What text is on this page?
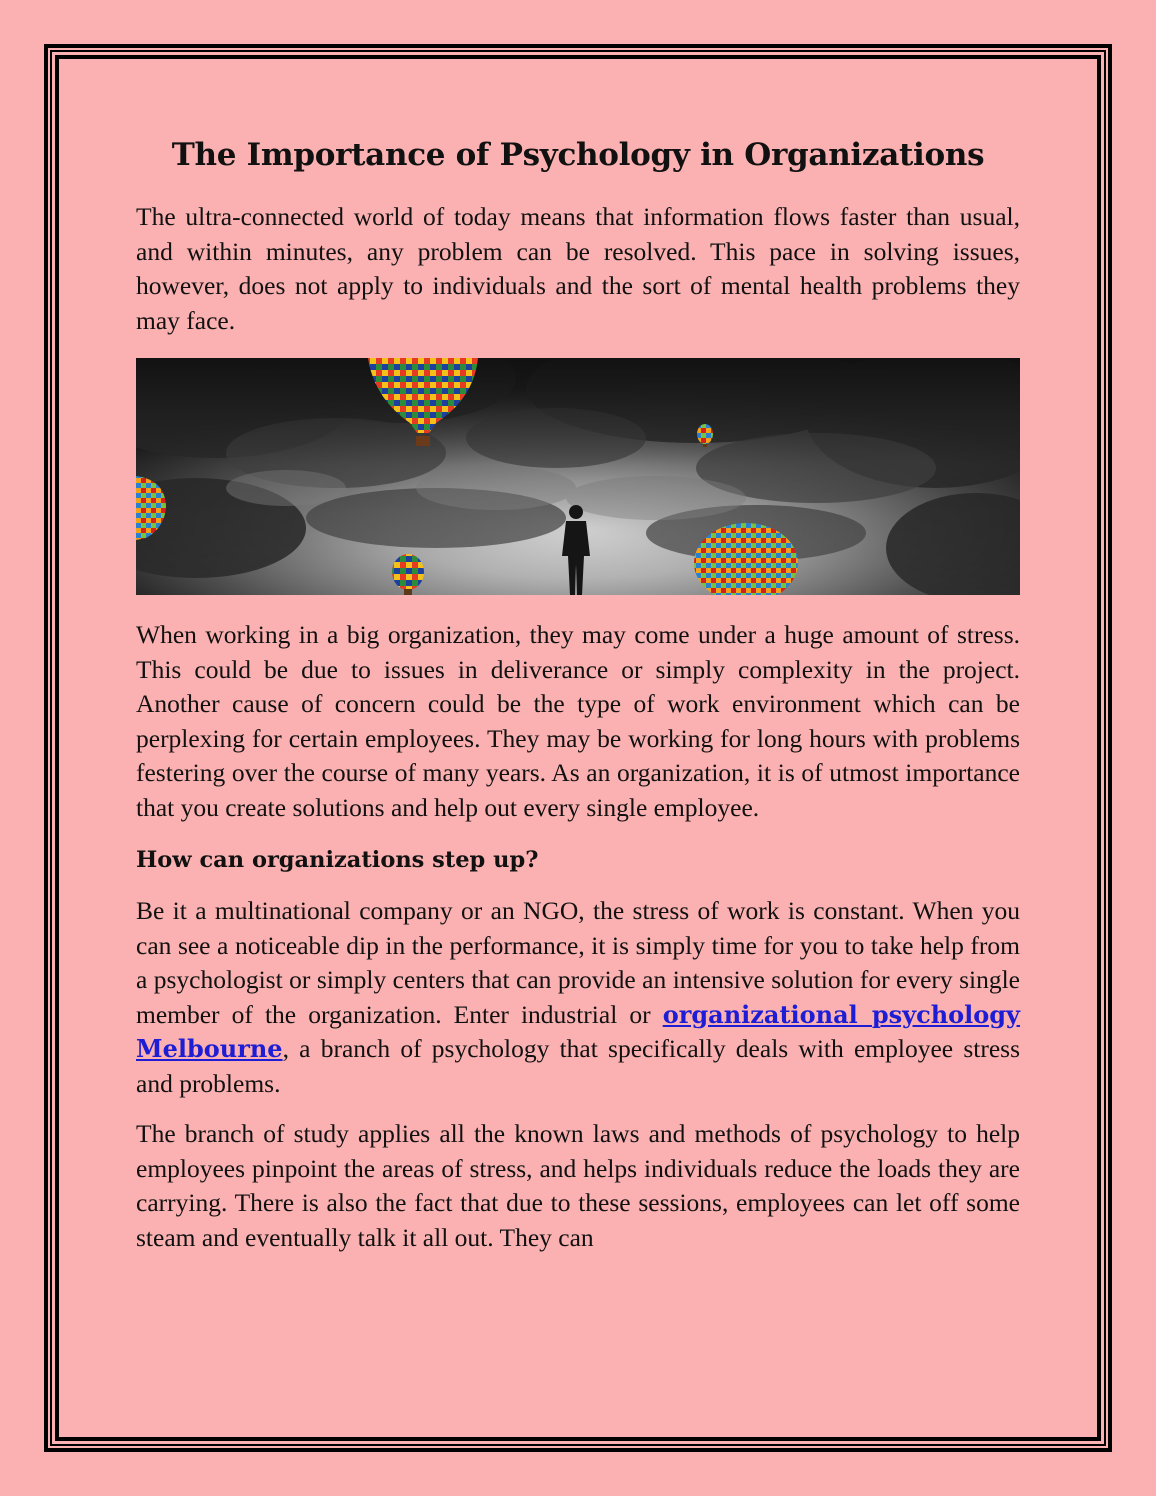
The Importance of Psychology in Organizations

The ultra-connected world of today means that information flows faster than usual, and within minutes, any problem can be resolved. This pace in solving issues, however, does not apply to individuals and the sort of mental health problems they may face.

When working in a big organization, they may come under a huge amount of stress. This could be due to issues in deliverance or simply complexity in the project. Another cause of concern could be the type of work environment which can be perplexing for certain employees. They may be working for long hours with problems festering over the course of many years. As an organization, it is of utmost importance that you create solutions and help out every single employee.

How can organizations step up?

Be it a multinational company or an NGO, the stress of work is constant. When you can see a noticeable dip in the performance, it is simply time for you to take help from a psychologist or simply centers that can provide an intensive solution for every single member of the organization. Enter industrial or organizational psychology Melbourne, a branch of psychology that specifically deals with employee stress and problems.

The branch of study applies all the known laws and methods of psychology to help employees pinpoint the areas of stress, and helps individuals reduce the loads they are carrying. There is also the fact that due to these sessions, employees can let off some steam and eventually talk it all out. They can
